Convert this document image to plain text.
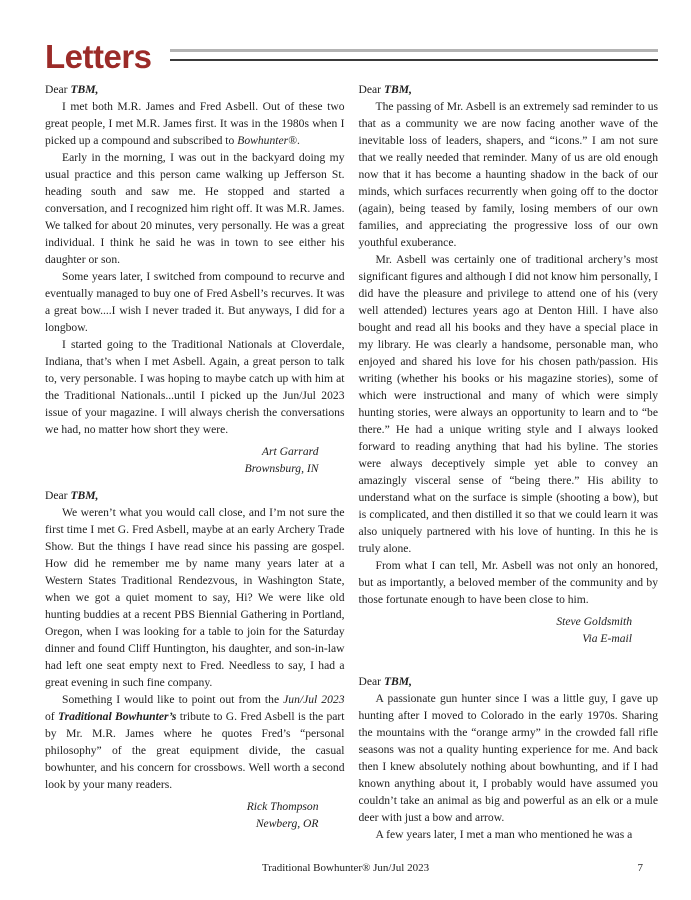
Letters

Dear TBM,

I met both M.R. James and Fred Asbell. Out of these two great people, I met M.R. James first. It was in the 1980s when I picked up a compound and subscribed to Bowhunter®.

Early in the morning, I was out in the backyard doing my usual practice and this person came walking up Jefferson St. heading south and saw me. He stopped and started a conversation, and I recognized him right off. It was M.R. James. We talked for about 20 minutes, very personally. He was a great individual. I think he said he was in town to see either his daughter or son.

Some years later, I switched from compound to recurve and eventually managed to buy one of Fred Asbell’s recurves. It was a great bow....I wish I never traded it. But anyways, I did for a longbow.

I started going to the Traditional Nationals at Cloverdale, Indiana, that’s when I met Asbell. Again, a great person to talk to, very personable. I was hoping to maybe catch up with him at the Traditional Nationals...until I picked up the Jun/Jul 2023 issue of your magazine. I will always cherish the conversations we had, no matter how short they were.

Art Garrard
Brownsburg, IN

Dear TBM,

We weren’t what you would call close, and I’m not sure the first time I met G. Fred Asbell, maybe at an early Archery Trade Show. But the things I have read since his passing are gospel. How did he remember me by name many years later at a Western States Traditional Rendezvous, in Washington State, when we got a quiet moment to say, Hi? We were like old hunting buddies at a recent PBS Biennial Gathering in Portland, Oregon, when I was looking for a table to join for the Saturday dinner and found Cliff Huntington, his daughter, and son-in-law had left one seat empty next to Fred. Needless to say, I had a great evening in such fine company.

Something I would like to point out from the Jun/Jul 2023 of Traditional Bowhunter’s tribute to G. Fred Asbell is the part by Mr. M.R. James where he quotes Fred’s “personal philosophy” of the great equipment divide, the casual bowhunter, and his concern for crossbows. Well worth a second look by your many readers.

Rick Thompson
Newberg, OR

Dear TBM,

The passing of Mr. Asbell is an extremely sad reminder to us that as a community we are now facing another wave of the inevitable loss of leaders, shapers, and “icons.” I am not sure that we really needed that reminder. Many of us are old enough now that it has become a haunting shadow in the back of our minds, which surfaces recurrently when going off to the doctor (again), being teased by family, losing members of our own families, and appreciating the progressive loss of our own youthful exuberance.

Mr. Asbell was certainly one of traditional archery’s most significant figures and although I did not know him personally, I did have the pleasure and privilege to attend one of his (very well attended) lectures years ago at Denton Hill. I have also bought and read all his books and they have a special place in my library. He was clearly a handsome, personable man, who enjoyed and shared his love for his chosen path/passion. His writing (whether his books or his magazine stories), some of which were instructional and many of which were simply hunting stories, were always an opportunity to learn and to “be there.” He had a unique writing style and I always looked forward to reading anything that had his byline. The stories were always deceptively simple yet able to convey an amazingly visceral sense of “being there.” His ability to understand what on the surface is simple (shooting a bow), but is complicated, and then distilled it so that we could learn it was also uniquely partnered with his love of hunting. In this he is truly alone.

From what I can tell, Mr. Asbell was not only an honored, but as importantly, a beloved member of the community and by those fortunate enough to have been close to him.

Steve Goldsmith
Via E-mail

Dear TBM,

A passionate gun hunter since I was a little guy, I gave up hunting after I moved to Colorado in the early 1970s. Sharing the mountains with the “orange army” in the crowded fall rifle seasons was not a quality hunting experience for me. And back then I knew absolutely nothing about bowhunting, and if I had known anything about it, I probably would have assumed you couldn’t take an animal as big and powerful as an elk or a mule deer with just a bow and arrow.

A few years later, I met a man who mentioned he was a

Traditional Bowhunter® Jun/Jul 2023	7
